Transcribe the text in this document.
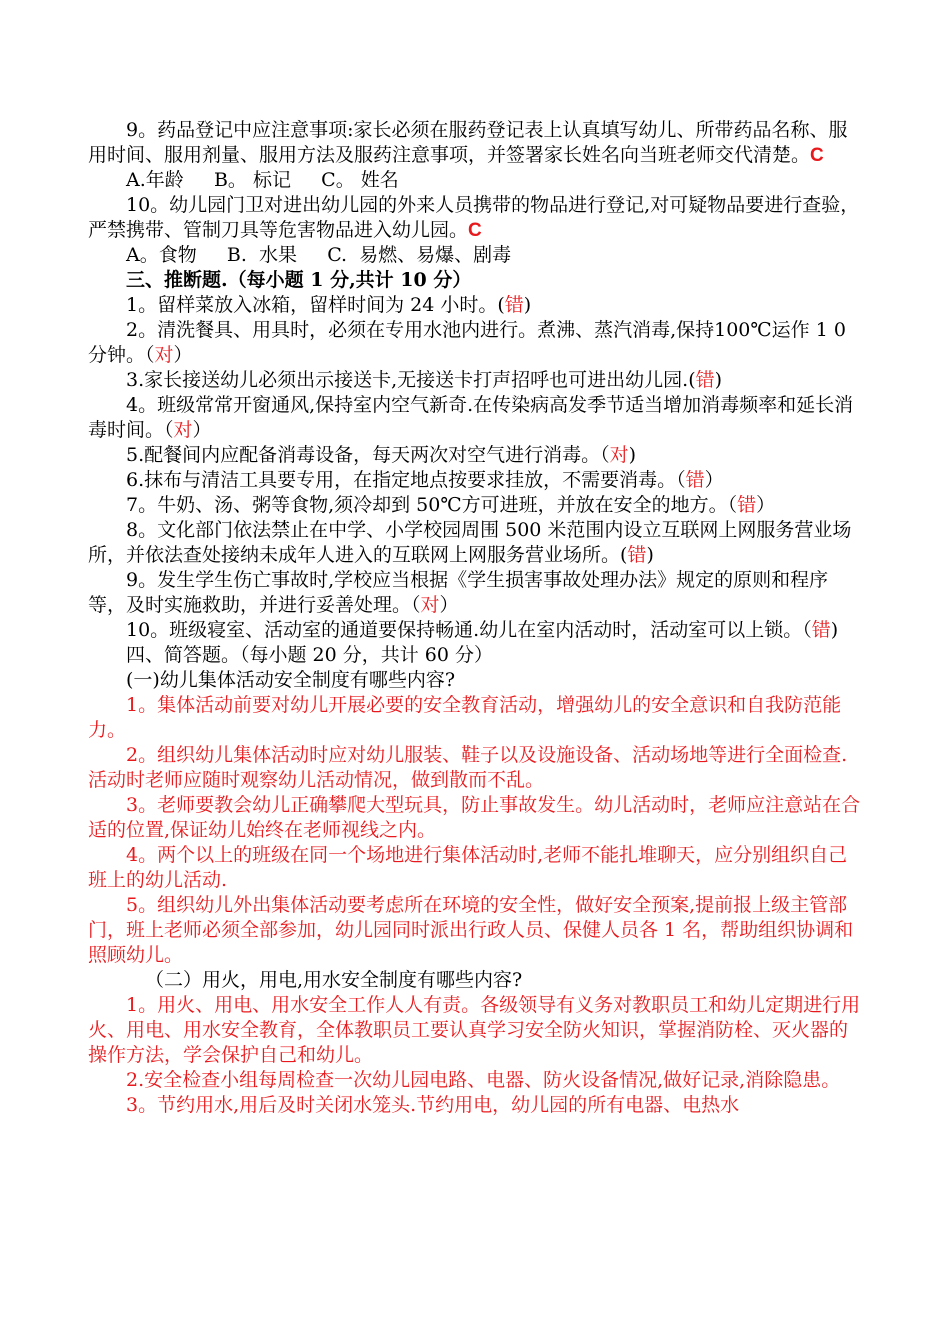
9。药品登记中应注意事项:家长必须在服药登记表上认真填写幼儿、所带药品名称、服用时间、服用剂量、服用方法及服药注意事项，并签署家长姓名向当班老师交代清楚。C

A.年龄     B。 标记     C。 姓名

10。幼儿园门卫对进出幼儿园的外来人员携带的物品进行登记,对可疑物品要进行查验，严禁携带、管制刀具等危害物品进入幼儿园。C

A。食物     B.  水果     C.  易燃、易爆、剧毒

三、推断题.（每小题 1 分,共计 10 分）

1。留样菜放入冰箱，留样时间为 24 小时。(错)

2。清洗餐具、用具时，必须在专用水池内进行。煮沸、蒸汽消毒,保持100℃运作 1 0 分钟。（对）

3.家长接送幼儿必须出示接送卡,无接送卡打声招呼也可进出幼儿园.(错)

4。班级常常开窗通风,保持室内空气新奇.在传染病高发季节适当增加消毒频率和延长消毒时间。（对）

5.配餐间内应配备消毒设备，每天两次对空气进行消毒。（对)

6.抹布与清洁工具要专用，在指定地点按要求挂放，不需要消毒。（错）

7。牛奶、汤、粥等食物,须冷却到 50℃方可进班，并放在安全的地方。（错）

8。文化部门依法禁止在中学、小学校园周围 500 米范围内设立互联网上网服务营业场所，并依法查处接纳未成年人进入的互联网上网服务营业场所。(错)

9。发生学生伤亡事故时,学校应当根据《学生损害事故处理办法》规定的原则和程序等，及时实施救助，并进行妥善处理。（对）

10。班级寝室、活动室的通道要保持畅通.幼儿在室内活动时，活动室可以上锁。（错)

四、简答题。（每小题 20 分，共计 60 分）

(一)幼儿集体活动安全制度有哪些内容?

1。集体活动前要对幼儿开展必要的安全教育活动，增强幼儿的安全意识和自我防范能力。

2。组织幼儿集体活动时应对幼儿服装、鞋子以及设施设备、活动场地等进行全面检查.活动时老师应随时观察幼儿活动情况，做到散而不乱。

3。老师要教会幼儿正确攀爬大型玩具，防止事故发生。幼儿活动时，老师应注意站在合适的位置,保证幼儿始终在老师视线之内。

4。两个以上的班级在同一个场地进行集体活动时,老师不能扎堆聊天，应分别组织自己班上的幼儿活动.

5。组织幼儿外出集体活动要考虑所在环境的安全性，做好安全预案,提前报上级主管部门，班上老师必须全部参加，幼儿园同时派出行政人员、保健人员各 1 名，帮助组织协调和照顾幼儿。

（二）用火，用电,用水安全制度有哪些内容?

1。用火、用电、用水安全工作人人有责。各级领导有义务对教职员工和幼儿定期进行用火、用电、用水安全教育，全体教职员工要认真学习安全防火知识，掌握消防栓、灭火器的操作方法，学会保护自己和幼儿。

2.安全检查小组每周检查一次幼儿园电路、电器、防火设备情况,做好记录,消除隐患。

3。节约用水,用后及时关闭水笼头.节约用电，幼儿园的所有电器、电热水
